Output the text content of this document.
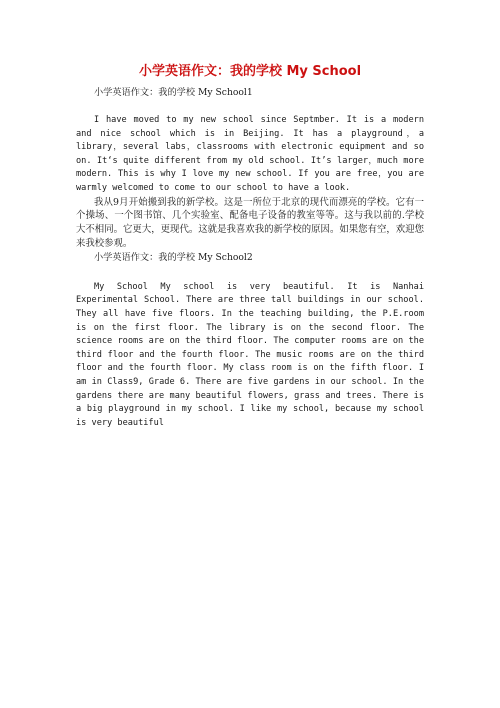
小学英语作文：我的学校 My School

小学英语作文：我的学校 My School1

I have moved to my new school since Septmber. It is a modern and nice school which is in Beijing. It has a playground，a library，several labs，classrooms with electronic equipment and so on. It‘s quite different from my old school. It’s larger，much more modern. This is why I love my new school. If you are free，you are warmly welcomed to come to our school to have a look.

我从9月开始搬到我的新学校。这是一所位于北京的现代而漂亮的学校。它有一个操场、一个图书馆、几个实验室、配备电子设备的教室等等。这与我以前的.学校大不相同。它更大，更现代。这就是我喜欢我的新学校的原因。如果您有空，欢迎您来我校参观。

小学英语作文：我的学校 My School2

My School My school is very beautiful. It is Nanhai Experimental School. There are three tall buildings in our school. They all have five floors. In the teaching building, the P.E.room is on the first floor. The library is on the second floor. The science rooms are on the third floor. The computer rooms are on the third floor and the fourth floor. The music rooms are on the third floor and the fourth floor. My class room is on the fifth floor. I am in Class9, Grade 6. There are five gardens in our school. In the gardens there are many beautiful flowers, grass and trees. There is a big playground in my school. I like my school, because my school is very beautiful
